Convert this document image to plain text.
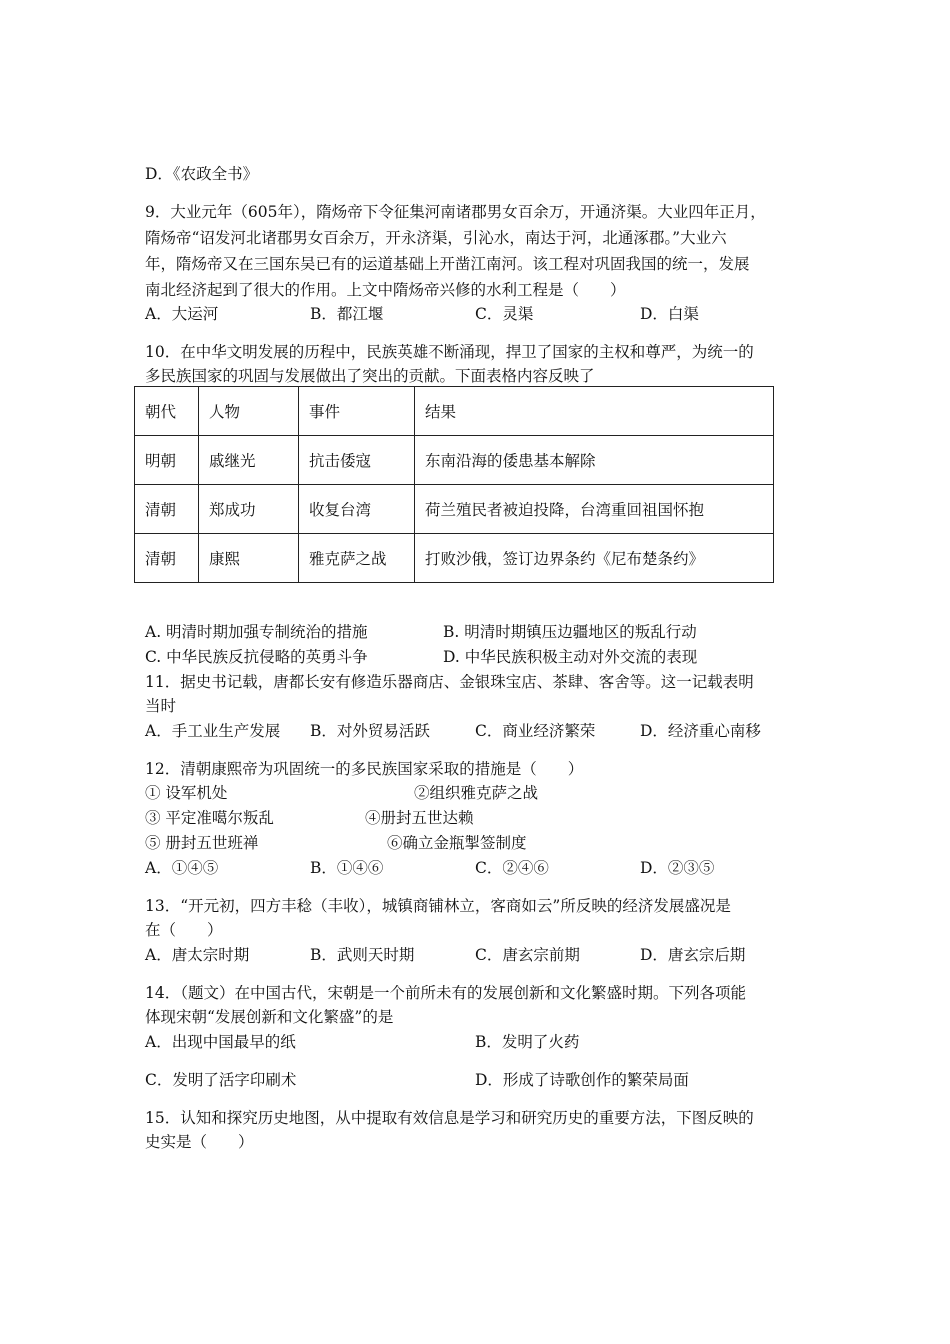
D．《农政全书》
9．大业元年（605年），隋炀帝下令征集河南诸郡男女百余万，开通济渠。大业四年正月，
隋炀帝“诏发河北诸郡男女百余万，开永济渠，引沁水，南达于河，北通涿郡。”大业六
年，隋炀帝又在三国东吴已有的运道基础上开凿江南河。该工程对巩固我国的统一，发展
南北经济起到了很大的作用。上文中隋炀帝兴修的水利工程是（　　）
A．大运河	B．都江堰	C．灵渠	D．白渠
10．在中华文明发展的历程中，民族英雄不断涌现，捍卫了国家的主权和尊严，为统一的
多民族国家的巩固与发展做出了突出的贡献。下面表格内容反映了
朝代	人物	事件	结果
明朝	戚继光	抗击倭寇	东南沿海的倭患基本解除
清朝	郑成功	收复台湾	荷兰殖民者被迫投降，台湾重回祖国怀抱
清朝	康熙	雅克萨之战	打败沙俄，签订边界条约《尼布楚条约》
A. 明清时期加强专制统治的措施	B. 明清时期镇压边疆地区的叛乱行动
C. 中华民族反抗侵略的英勇斗争	D. 中华民族积极主动对外交流的表现
11．据史书记载，唐都长安有修造乐器商店、金银珠宝店、茶肆、客舍等。这一记载表明
当时
A．手工业生产发展 B．对外贸易活跃	C．商业经济繁荣	D．经济重心南移
12．清朝康熙帝为巩固统一的多民族国家采取的措施是（　　）
① 设军机处	②组织雅克萨之战
③ 平定准噶尔叛乱	④册封五世达赖
⑤ 册封五世班禅	⑥确立金瓶掣签制度
A．①④⑤	B．①④⑥	C．②④⑥	D．②③⑤
13．“开元初，四方丰稔（丰收），城镇商铺林立，客商如云”所反映的经济发展盛况是
在（　　）
A．唐太宗时期	B．武则天时期	C．唐玄宗前期	D．唐玄宗后期
14．（题文）在中国古代，宋朝是一个前所未有的发展创新和文化繁盛时期。下列各项能
体现宋朝“发展创新和文化繁盛”的是
A．出现中国最早的纸	B．发明了火药
C．发明了活字印刷术	D．形成了诗歌创作的繁荣局面
15．认知和探究历史地图，从中提取有效信息是学习和研究历史的重要方法，下图反映的
史实是（　　）
